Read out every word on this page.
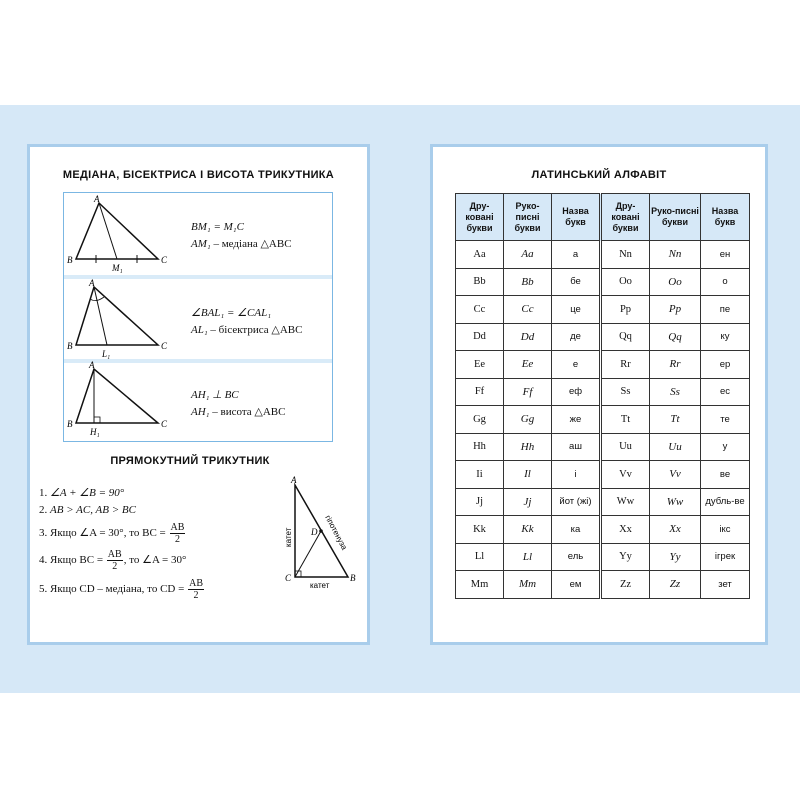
МЕДІАНА, БІСЕКТРИСА І ВИСОТА ТРИКУТНИКА
A
B	C
M₁
BM₁ = M₁C
AM₁ – медіана △ABC
A
B	C
L₁
∠BAL₁ = ∠CAL₁
AL₁ – бісектриса △ABC
A
B	C
H₁
AH₁ ⊥ BC
AH₁ – висота △ABC
ПРЯМОКУТНИЙ ТРИКУТНИК
1. ∠A + ∠B = 90°
2. AB > AC, AB > BC
3. Якщо ∠A = 30°, то BC = $\frac{AB}{2}$
4. Якщо BC = $\frac{AB}{2}$ , то ∠A = 30°
5. Якщо CD – медіана, то CD = $\frac{AB}{2}$
A
C	B
D
катет
катет	гіпотенуза
ЛАТИНСЬКИЙ АЛФАВІТ
Дру-ковані букви	Руко-писні букви	Назва букв	Дру-ковані букви	Руко-писні букви	Назва букв
Aa	Aa	а	Nn	Nn	ен
Bb	Bb	бе	Oo	Oo	о
Cc	Cc	це	Pp	Pp	пе
Dd	Dd	де	Qq	Qq	ку
Ee	Ee	е	Rr	Rr	ер
Ff	Ff	еф	Ss	Ss	ес
Gg	Gg	же	Tt	Tt	те
Hh	Hh	аш	Uu	Uu	у
Ii	Il	і	Vv	Vv	ве
Jj	Jj	йот (жі)	Ww	Ww	дубль-ве
Kk	Kk	ка	Xx	Xx	ікс
Ll	Ll	ель	Yy	Yy	ігрек
Mm	Mm	ем	Zz	Zz	зет
